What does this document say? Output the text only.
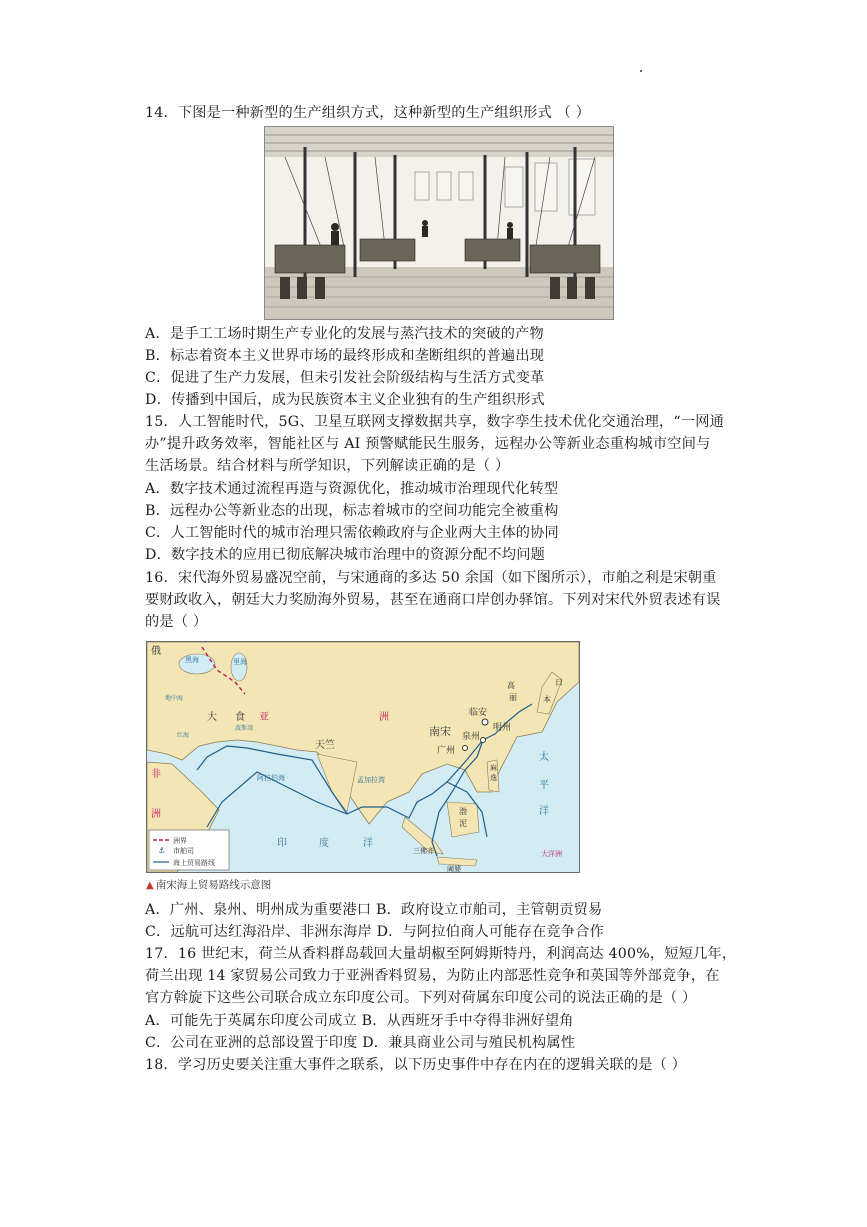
14．下图是一种新型的生产组织方式，这种新型的生产组织形式 （ ）
A．是手工工场时期生产专业化的发展与蒸汽技术的突破的产物
B．标志着资本主义世界市场的最终形成和垄断组织的普遍出现
C．促进了生产力发展，但未引发社会阶级结构与生活方式变革
D．传播到中国后，成为民族资本主义企业独有的生产组织形式
15．人工智能时代，5G、卫星互联网支撑数据共享，数字孪生技术优化交通治理，“一网通
办”提升政务效率，智能社区与 AI 预警赋能民生服务，远程办公等新业态重构城市空间与
生活场景。结合材料与所学知识，下列解读正确的是（ ）
A．数字技术通过流程再造与资源优化，推动城市治理现代化转型
B．远程办公等新业态的出现，标志着城市的空间功能完全被重构
C．人工智能时代的城市治理只需依赖政府与企业两大主体的协同
D．数字技术的应用已彻底解决城市治理中的资源分配不均问题
16．宋代海外贸易盛况空前，与宋通商的多达 50 余国（如下图所示），市舶之利是宋朝重
要财政收入，朝廷大力奖励海外贸易，甚至在通商口岸创办驿馆。下列对宋代外贸表述有误
的是（ ）
俄
黑海	里海
大 食 亚	洲
天竺
南宋
临安
明州
泉州
广州
高
丽
日
本
太
平
洋
非
洲
印	度	洋
阿拉伯海	孟加拉湾
红海
波斯湾
地中海
三佛齐
渤
泥
麻
逸
阇婆
大洋洲
洲界
⚓ 市舶司
海上贸易路线
▲ 南宋海上贸易路线示意图
A．广州、泉州、明州成为重要港口 B．政府设立市舶司，主管朝贡贸易
C．远航可达红海沿岸、非洲东海岸 D．与阿拉伯商人可能存在竞争合作
17．16 世纪末，荷兰从香料群岛载回大量胡椒至阿姆斯特丹，利润高达 400%，短短几年，
荷兰出现 14 家贸易公司致力于亚洲香料贸易，为防止内部恶性竞争和英国等外部竞争，在
官方斡旋下这些公司联合成立东印度公司。下列对荷属东印度公司的说法正确的是（ ）
A．可能先于英属东印度公司成立 B．从西班牙手中夺得非洲好望角
C．公司在亚洲的总部设置于印度 D．兼具商业公司与殖民机构属性
18．学习历史要关注重大事件之联系，以下历史事件中存在内在的逻辑关联的是（ ）
